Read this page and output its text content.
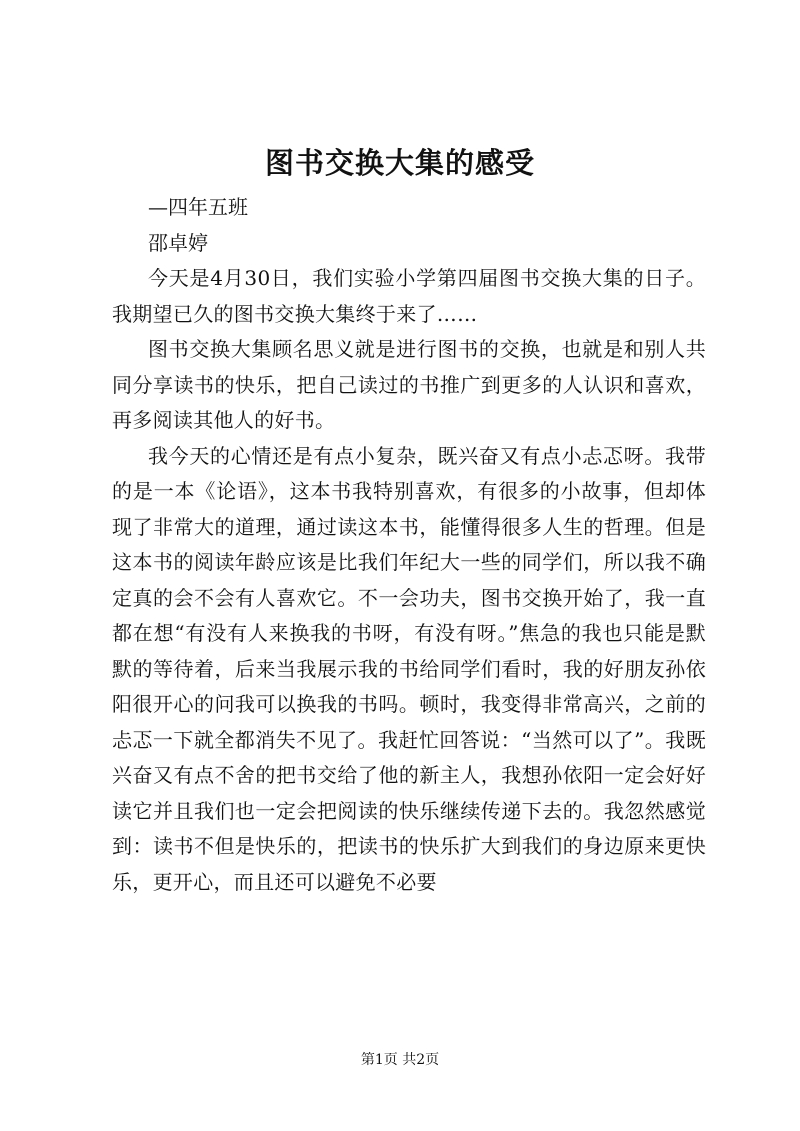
图书交换大集的感受

—四年五班

邵卓婷

今天是4月30日，我们实验小学第四届图书交换大集的日子。我期望已久的图书交换大集终于来了……

图书交换大集顾名思义就是进行图书的交换，也就是和别人共同分享读书的快乐，把自己读过的书推广到更多的人认识和喜欢，再多阅读其他人的好书。

我今天的心情还是有点小复杂，既兴奋又有点小忐忑呀。我带的是一本《论语》，这本书我特别喜欢，有很多的小故事，但却体现了非常大的道理，通过读这本书，能懂得很多人生的哲理。但是这本书的阅读年龄应该是比我们年纪大一些的同学们，所以我不确定真的会不会有人喜欢它。不一会功夫，图书交换开始了，我一直都在想“有没有人来换我的书呀，有没有呀。”焦急的我也只能是默默的等待着，后来当我展示我的书给同学们看时，我的好朋友孙依阳很开心的问我可以换我的书吗。顿时，我变得非常高兴，之前的忐忑一下就全都消失不见了。我赶忙回答说：“当然可以了”。我既兴奋又有点不舍的把书交给了他的新主人，我想孙依阳一定会好好读它并且我们也一定会把阅读的快乐继续传递下去的。我忽然感觉到：读书不但是快乐的，把读书的快乐扩大到我们的身边原来更快乐，更开心，而且还可以避免不必要

第1页 共2页
